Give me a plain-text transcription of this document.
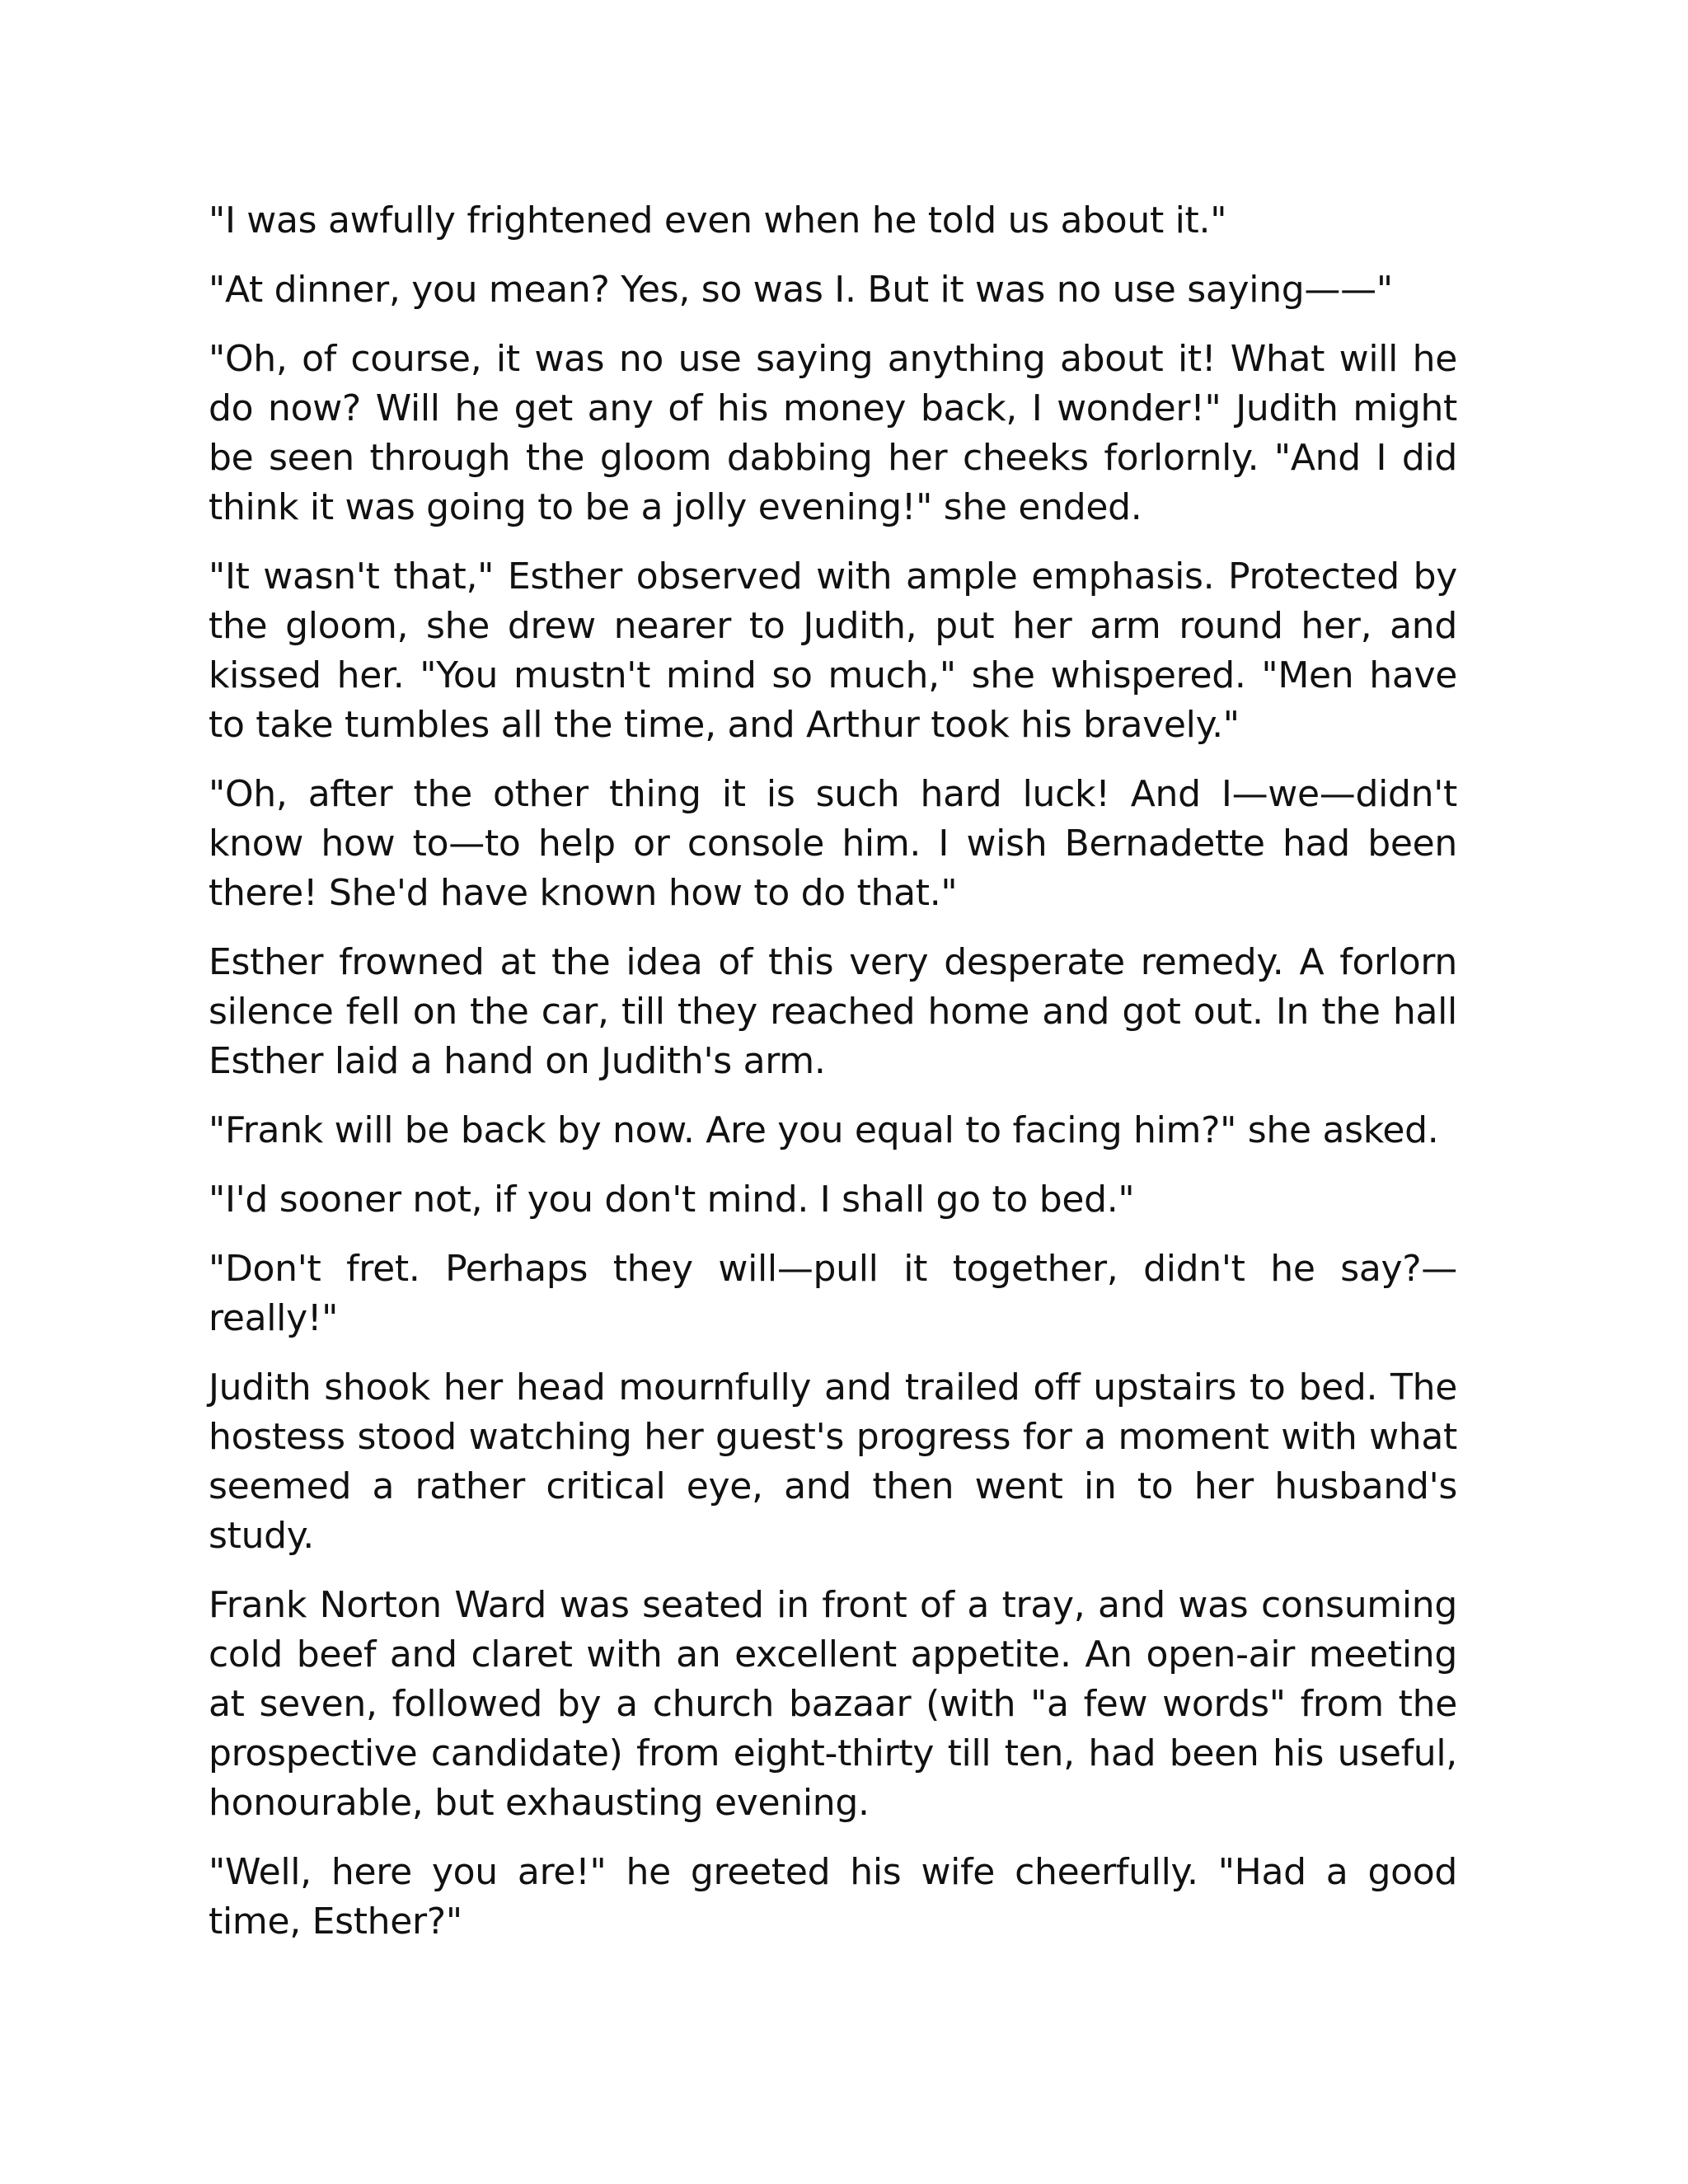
"I was awfully frightened even when he told us about it."

"At dinner, you mean? Yes, so was I. But it was no use saying——"

"Oh, of course, it was no use saying anything about it! What will he do now? Will he get any of his money back, I wonder!" Judith might be seen through the gloom dabbing her cheeks forlornly. "And I did think it was going to be a jolly evening!" she ended.

"It wasn't that," Esther observed with ample emphasis. Protected by the gloom, she drew nearer to Judith, put her arm round her, and kissed her. "You mustn't mind so much," she whispered. "Men have to take tumbles all the time, and Arthur took his bravely."

"Oh, after the other thing it is such hard luck! And I—we—didn't know how to—to help or console him. I wish Bernadette had been there! She'd have known how to do that."

Esther frowned at the idea of this very desperate remedy. A forlorn silence fell on the car, till they reached home and got out. In the hall Esther laid a hand on Judith's arm.

"Frank will be back by now. Are you equal to facing him?" she asked.

"I'd sooner not, if you don't mind. I shall go to bed."

"Don't fret. Perhaps they will—pull it together, didn't he say?—really!"

Judith shook her head mournfully and trailed off upstairs to bed. The hostess stood watching her guest's progress for a moment with what seemed a rather critical eye, and then went in to her husband's study.

Frank Norton Ward was seated in front of a tray, and was consuming cold beef and claret with an excellent appetite. An open-air meeting at seven, followed by a church bazaar (with "a few words" from the prospective candidate) from eight-thirty till ten, had been his useful, honourable, but exhausting evening.

"Well, here you are!" he greeted his wife cheerfully. "Had a good time, Esther?"
